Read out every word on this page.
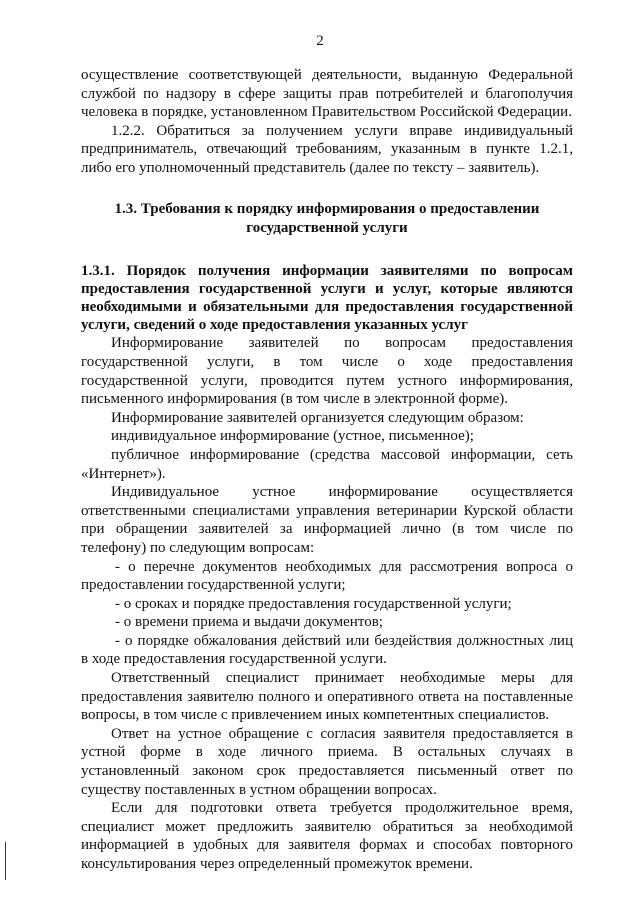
2

осуществление соответствующей деятельности, выданную Федеральной службой по надзору в сфере защиты прав потребителей и благополучия человека в порядке, установленном Правительством Российской Федерации.

1.2.2. Обратиться за получением услуги вправе индивидуальный предприниматель, отвечающий требованиям, указанным в пункте 1.2.1, либо его уполномоченный представитель (далее по тексту – заявитель).

1.3. Требования к порядку информирования о предоставлении государственной услуги

1.3.1. Порядок получения информации заявителями по вопросам предоставления государственной услуги и услуг, которые являются необходимыми и обязательными для предоставления государственной услуги, сведений о ходе предоставления указанных услуг

Информирование заявителей по вопросам предоставления государственной услуги, в том числе о ходе предоставления государственной услуги, проводится путем устного информирования, письменного информирования (в том числе в электронной форме).

Информирование заявителей организуется следующим образом:

индивидуальное информирование (устное, письменное);

публичное информирование (средства массовой информации, сеть «Интернет»).

Индивидуальное устное информирование осуществляется ответственными специалистами управления ветеринарии Курской области при обращении заявителей за информацией лично (в том числе по телефону) по следующим вопросам:

- о перечне документов необходимых для рассмотрения вопроса о предоставлении государственной услуги;

- о сроках и порядке предоставления государственной услуги;

- о времени приема и выдачи документов;

- о порядке обжалования действий или бездействия должностных лиц в ходе предоставления государственной услуги.

Ответственный специалист принимает необходимые меры для предоставления заявителю полного и оперативного ответа на поставленные вопросы, в том числе с привлечением иных компетентных специалистов.

Ответ на устное обращение с согласия заявителя предоставляется в устной форме в ходе личного приема. В остальных случаях в установленный законом срок предоставляется письменный ответ по существу поставленных в устном обращении вопросах.

Если для подготовки ответа требуется продолжительное время, специалист может предложить заявителю обратиться за необходимой информацией в удобных для заявителя формах и способах повторного консультирования через определенный промежуток времени.
